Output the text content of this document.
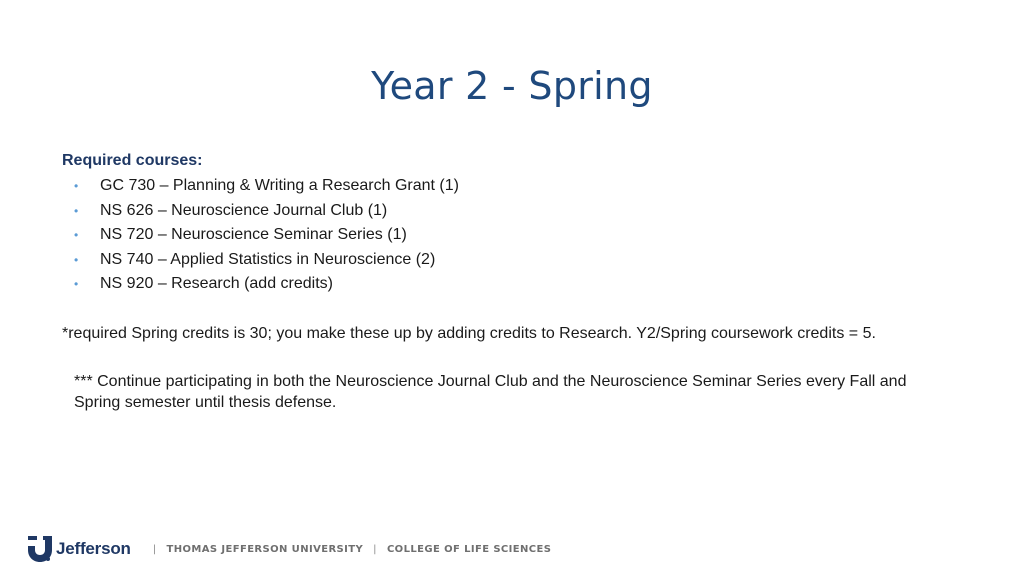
Year 2 - Spring
Required courses:
• GC 730 – Planning & Writing a Research Grant (1)
• NS 626 – Neuroscience Journal Club (1)
• NS 720 – Neuroscience Seminar Series (1)
• NS 740 – Applied Statistics in Neuroscience (2)
• NS 920 – Research (add credits)
*required Spring credits is 30; you make these up by adding credits to Research. Y2/Spring coursework credits = 5.
*** Continue participating in both the Neuroscience Journal Club and the Neuroscience Seminar Series every Fall and Spring semester until thesis defense.
Jefferson | THOMAS JEFFERSON UNIVERSITY | COLLEGE OF LIFE SCIENCES
